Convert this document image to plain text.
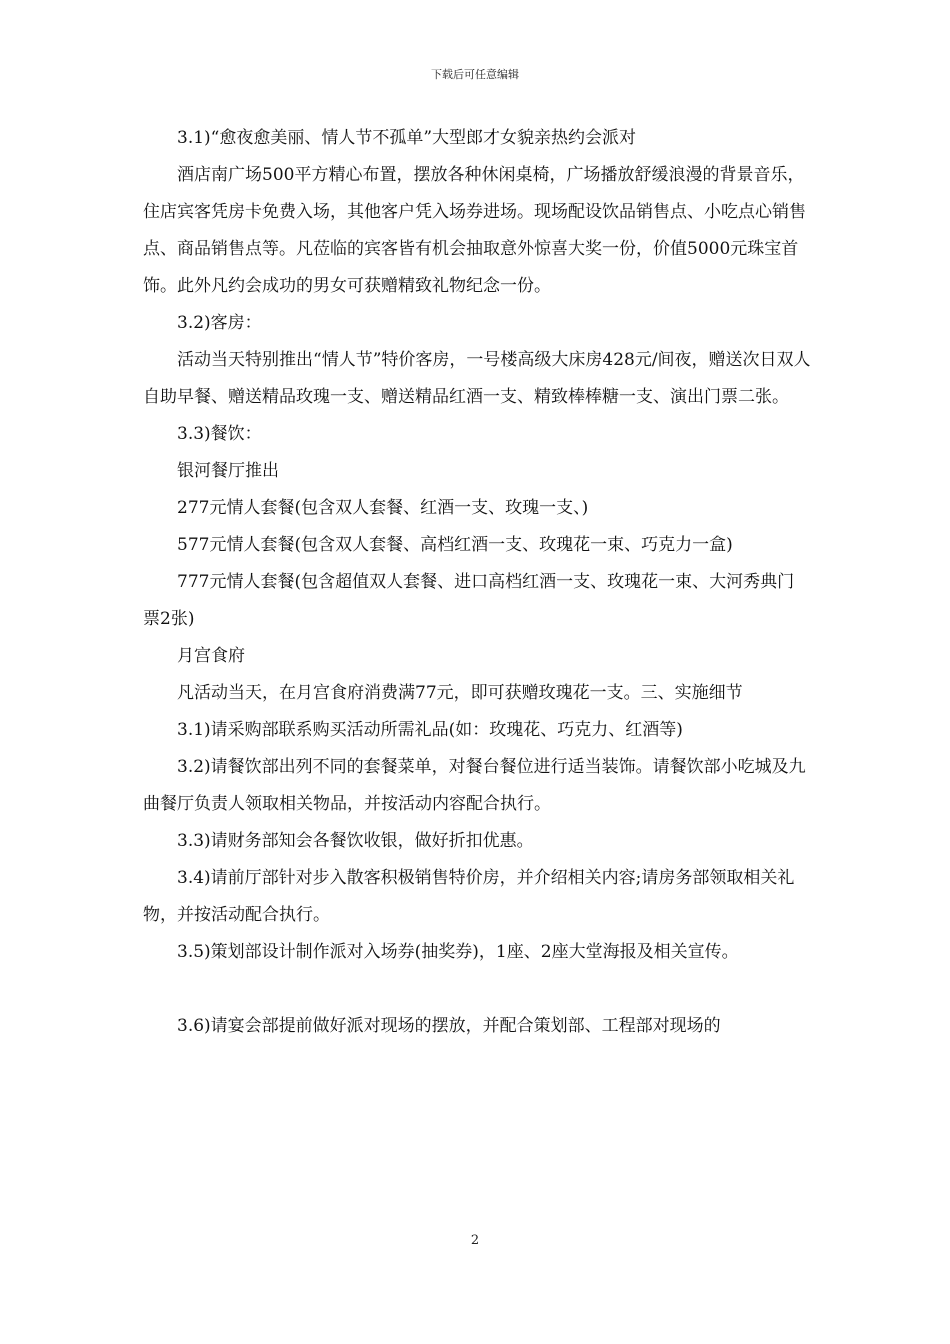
下载后可任意编辑

3.1)“愈夜愈美丽、情人节不孤单”大型郎才女貌亲热约会派对

酒店南广场500平方精心布置，摆放各种休闲桌椅，广场播放舒缓浪漫的背景音乐，住店宾客凭房卡免费入场，其他客户凭入场券进场。现场配设饮品销售点、小吃点心销售点、商品销售点等。凡莅临的宾客皆有机会抽取意外惊喜大奖一份，价值5000元珠宝首饰。此外凡约会成功的男女可获赠精致礼物纪念一份。

3.2)客房：

活动当天特别推出“情人节”特价客房，一号楼高级大床房428元/间夜，赠送次日双人自助早餐、赠送精品玫瑰一支、赠送精品红酒一支、精致棒棒糖一支、演出门票二张。

3.3)餐饮：

银河餐厅推出

277元情人套餐(包含双人套餐、红酒一支、玫瑰一支、)

577元情人套餐(包含双人套餐、高档红酒一支、玫瑰花一束、巧克力一盒)

777元情人套餐(包含超值双人套餐、进口高档红酒一支、玫瑰花一束、大河秀典门票2张)

月宫食府

凡活动当天，在月宫食府消费满77元，即可获赠玫瑰花一支。三、实施细节

3.1)请采购部联系购买活动所需礼品(如：玫瑰花、巧克力、红酒等)

3.2)请餐饮部出列不同的套餐菜单，对餐台餐位进行适当装饰。请餐饮部小吃城及九曲餐厅负责人领取相关物品，并按活动内容配合执行。

3.3)请财务部知会各餐饮收银，做好折扣优惠。

3.4)请前厅部针对步入散客积极销售特价房，并介绍相关内容;请房务部领取相关礼物，并按活动配合执行。

3.5)策划部设计制作派对入场券(抽奖券)，1座、2座大堂海报及相关宣传。

3.6)请宴会部提前做好派对现场的摆放，并配合策划部、工程部对现场的

2
